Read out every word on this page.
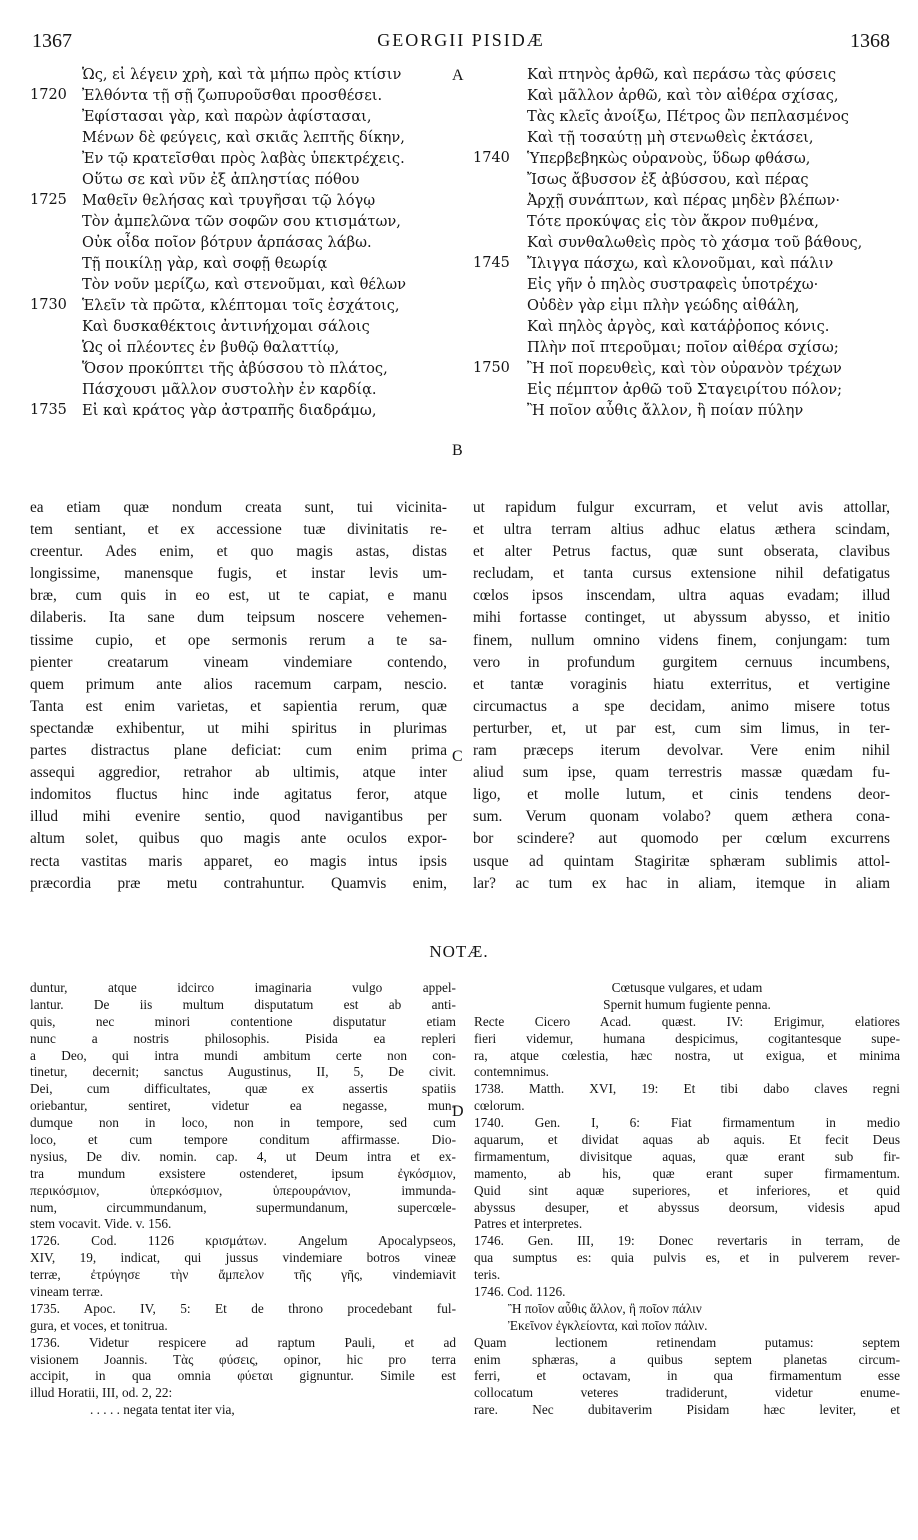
1367	GEORGII PISIDÆ	1368
Ὡς, εἰ λέγειν χρὴ, καὶ τὰ μήπω πρὸς κτίσιν
1720	Ἐλθόντα τῇ σῇ ζωπυροῦσθαι προσθέσει.
Ἐφίστασαι γὰρ, καὶ παρὼν ἀφίστασαι,
Μένων δὲ φεύγεις, καὶ σκιᾶς λεπτῆς δίκην,
Ἐν τῷ κρατεῖσθαι πρὸς λαβὰς ὑπεκτρέχεις.
Οὕτω σε καὶ νῦν ἐξ ἀπληστίας πόθου
1725	Μαθεῖν θελήσας καὶ τρυγῆσαι τῷ λόγῳ
Τὸν ἀμπελῶνα τῶν σοφῶν σου κτισμάτων,
Οὐκ οἶδα ποῖον βότρυν ἁρπάσας λάβω.
Τῇ ποικίλῃ γὰρ, καὶ σοφῇ θεωρίᾳ
Τὸν νοῦν μερίζω, καὶ στενοῦμαι, καὶ θέλων
1730	Ἑλεῖν τὰ πρῶτα, κλέπτομαι τοῖς ἐσχάτοις,
Καὶ δυσκαθέκτοις ἀντινήχομαι σάλοις
Ὡς οἱ πλέοντες ἐν βυθῷ θαλαττίῳ,
Ὅσον προκύπτει τῆς ἀβύσσου τὸ πλάτος,
Πάσχουσι μᾶλλον συστολὴν ἐν καρδίᾳ.
1735	Εἰ καὶ κράτος γὰρ ἀστραπῆς διαδράμω,
Καὶ πτηνὸς ἀρθῶ, καὶ περάσω τὰς φύσεις
Καὶ μᾶλλον ἀρθῶ, καὶ τὸν αἰθέρα σχίσας,
Τὰς κλεῖς ἀνοίξω, Πέτρος ὢν πεπλασμένος
Καὶ τῇ τοσαύτῃ μὴ στενωθεὶς ἐκτάσει,
1740	Ὑπερβεβηκὼς οὐρανοὺς, ὕδωρ φθάσω,
Ἴσως ἄβυσσον ἐξ ἀβύσσου, καὶ πέρας
Ἀρχῇ συνάπτων, καὶ πέρας μηδὲν βλέπων·
Τότε προκύψας εἰς τὸν ἄκρον πυθμένα,
Καὶ συνθαλωθεὶς πρὸς τὸ χάσμα τοῦ βάθους,
1745	Ἴλιγγα πάσχω, καὶ κλονοῦμαι, καὶ πάλιν
Εἰς γῆν ὁ πηλὸς συστραφεὶς ὑποτρέχω·
Οὐδὲν γὰρ εἰμι πλὴν γεώδης αἰθάλη,
Καὶ πηλὸς ἀργὸς, καὶ κατάῤῥοπος κόνις.
Πλὴν ποῖ πτεροῦμαι; ποῖον αἰθέρα σχίσω;
1750	Ἢ ποῖ πορευθεὶς, καὶ τὸν οὐρανὸν τρέχων
Εἰς πέμπτον ἀρθῶ τοῦ Σταγειρίτου πόλον;
Ἢ ποῖον αὖθις ἄλλον, ἢ ποίαν πύλην
A
B
C
D
ea etiam quæ nondum creata sunt, tui vicinita-
tem sentiant, et ex accessione tuæ divinitatis re-
creentur. Ades enim, et quo magis astas, distas
longissime, manensque fugis, et instar levis um-
bræ, cum quis in eo est, ut te capiat, e manu
dilaberis. Ita sane dum teipsum noscere vehemen-
tissime cupio, et ope sermonis rerum a te sa-
pienter creatarum vineam vindemiare contendo,
quem primum ante alios racemum carpam, nescio.
Tanta est enim varietas, et sapientia rerum, quæ
spectandæ exhibentur, ut mihi spiritus in plurimas
partes distractus plane deficiat: cum enim prima
assequi aggredior, retrahor ab ultimis, atque inter
indomitos fluctus hinc inde agitatus feror, atque
illud mihi evenire sentio, quod navigantibus per
altum solet, quibus quo magis ante oculos expor-
recta vastitas maris apparet, eo magis intus ipsis
præcordia præ metu contrahuntur. Quamvis enim,
ut rapidum fulgur excurram, et velut avis attollar,
et ultra terram altius adhuc elatus æthera scindam,
et alter Petrus factus, quæ sunt obserata, clavibus
recludam, et tanta cursus extensione nihil defatigatus
cœlos ipsos inscendam, ultra aquas evadam; illud
mihi fortasse continget, ut abyssum abysso, et initio
finem, nullum omnino videns finem, conjungam: tum
vero in profundum gurgitem cernuus incumbens,
et tantæ voraginis hiatu exterritus, et vertigine
circumactus a spe decidam, animo misere totus
perturber, et, ut par est, cum sim limus, in ter-
ram præceps iterum devolvar. Vere enim nihil
aliud sum ipse, quam terrestris massæ quædam fu-
ligo, et molle lutum, et cinis tendens deor-
sum. Verum quonam volabo? quem æthera cona-
bor scindere? aut quomodo per cœlum excurrens
usque ad quintam Stagiritæ sphæram sublimis attol-
lar? ac tum ex hac in aliam, itemque in aliam
NOTÆ.
duntur, atque idcirco imaginaria vulgo appel-
lantur. De iis multum disputatum est ab anti-
quis, nec minori contentione disputatur etiam
nunc a nostris philosophis. Pisida ea repleri
a Deo, qui intra mundi ambitum certe non con-
tinetur, decernit; sanctus Augustinus, II, 5, De civit.
Dei, cum difficultates, quæ ex assertis spatiis
oriebantur, sentiret, videtur ea negasse, mun-
dumque non in loco, non in tempore, sed cum
loco, et cum tempore conditum affirmasse. Dio-
nysius, De div. nomin. cap. 4, ut Deum intra et ex-
tra mundum exsistere ostenderet, ipsum ἐγκόσμιον,
περικόσμιον, ὑπερκόσμιον, ὑπερουράνιον, immunda-
num, circummundanum, supermundanum, supercœle-
stem vocavit. Vide. v. 156.
1726. Cod. 1126 κρισμάτων. Angelum Apocalypseos,
XIV, 19, indicat, qui jussus vindemiare botros vineæ
terræ, ἐτρύγησε τὴν ἄμπελον τῆς γῆς, vindemiavit
vineam terræ.
1735. Apoc. IV, 5: Et de throno procedebant ful-
gura, et voces, et tonitrua.
1736. Videtur respicere ad raptum Pauli, et ad
visionem Joannis. Τὰς φύσεις, opinor, hic pro terra
accipit, in qua omnia φύεται gignuntur. Simile est
illud Horatii, III, od. 2, 22:
. . . . . negata tentat iter via,
Cœtusque vulgares, et udam
Spernit humum fugiente penna.
Recte Cicero Acad. quæst. IV: Erigimur, elatiores
fieri videmur, humana despicimus, cogitantesque supe-
ra, atque cœlestia, hæc nostra, ut exigua, et minima
contemnimus.
1738. Matth. XVI, 19: Et tibi dabo claves regni
cœlorum.
1740. Gen. I, 6: Fiat firmamentum in medio
aquarum, et dividat aquas ab aquis. Et fecit Deus
firmamentum, divisitque aquas, quæ erant sub fir-
mamento, ab his, quæ erant super firmamentum.
Quid sint aquæ superiores, et inferiores, et quid
abyssus desuper, et abyssus deorsum, videsis apud
Patres et interpretes.
1746. Gen. III, 19: Donec revertaris in terram, de
qua sumptus es: quia pulvis es, et in pulverem rever-
teris.
1746. Cod. 1126.
Ἢ ποῖον αὖθις ἄλλον, ἢ ποῖον πάλιν
Ἐκεῖνον ἐγκλείοντα, καὶ ποῖον πάλιν.
Quam lectionem retinendam putamus: septem
enim sphæras, a quibus septem planetas circum-
ferri, et octavam, in qua firmamentum esse
collocatum veteres tradiderunt, videtur enume-
rare. Nec dubitaverim Pisidam hæc leviter, et
